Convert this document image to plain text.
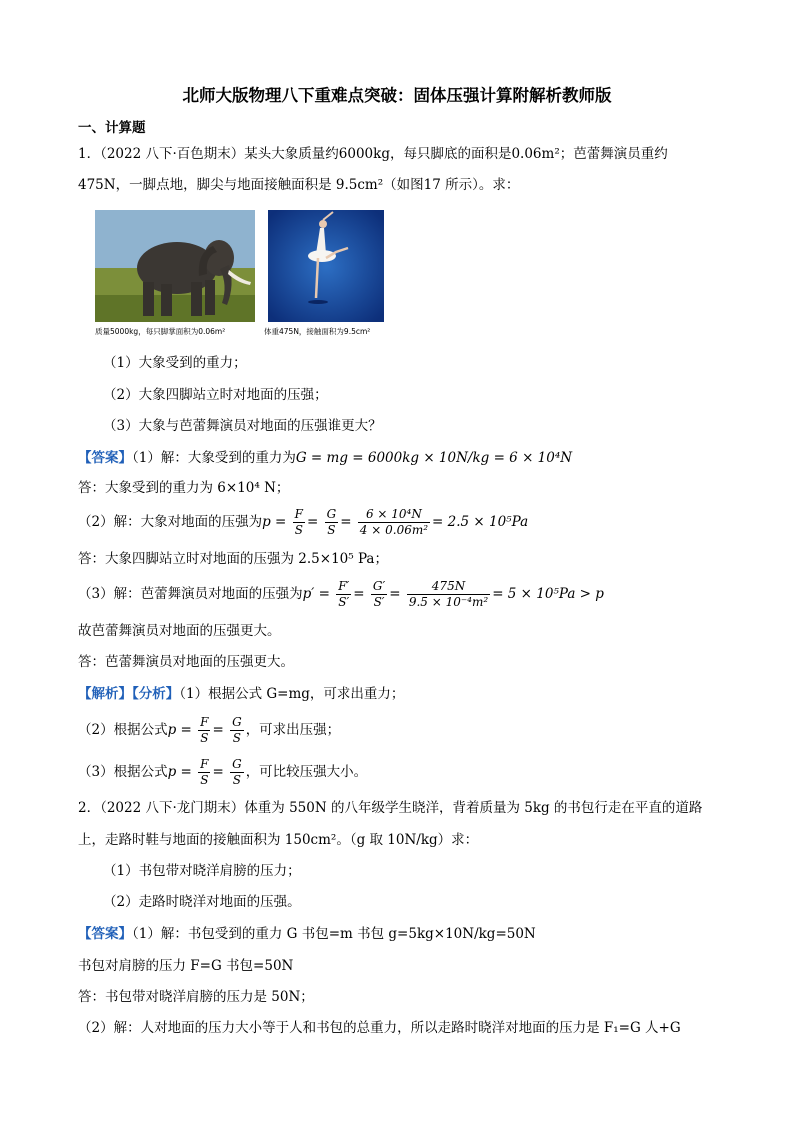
北师大版物理八下重难点突破：固体压强计算附解析教师版
一、计算题
1．（2022 八下·百色期末）某头大象质量约6000kg，每只脚底的面积是0.06m²；芭蕾舞演员重约
475N，一脚点地，脚尖与地面接触面积是 9.5cm²（如图17 所示）。求：
质量5000kg，每只脚掌面积为0.06m²	体重475N，接触面积为9.5cm²
（1）大象受到的重力；
（2）大象四脚站立时对地面的压强；
（3）大象与芭蕾舞演员对地面的压强谁更大？
【答案】（1）解：大象受到的重力为G = mg = 6000kg × 10N/kg = 6 × 10⁴N
答：大象受到的重力为 6×10⁴ N；
（2）解：大象对地面的压强为$p = \frac{F}{S} = \frac{G}{S} = \frac{\text{6 × 10⁴N}}{\text{4 × 0.06m²}} = 2.5 \times 10^5Pa$
答：大象四脚站立时对地面的压强为 2.5×10⁵ Pa；
（3）解：芭蕾舞演员对地面的压强为$p' = \frac{F'}{S'} = \frac{G'}{S'} = \frac{475N}{\text{9.5 × 10⁻⁴m²}} = 5 \times 10^5Pa > p$
故芭蕾舞演员对地面的压强更大。
答：芭蕾舞演员对地面的压强更大。
【解析】【分析】（1）根据公式 G=mg，可求出重力；
（2）根据公式$p = \frac{F}{S} = \frac{G}{S}$ ，可求出压强；
（3）根据公式$p = \frac{F}{S} = \frac{G}{S}$ ，可比较压强大小。
2．（2022 八下·龙门期末）体重为 550N 的八年级学生晓洋，背着质量为 5kg 的书包行走在平直的道路
上，走路时鞋与地面的接触面积为 150cm²。（g 取 10N/kg）求：
（1）书包带对晓洋肩膀的压力；
（2）走路时晓洋对地面的压强。
【答案】（1）解：书包受到的重力 G 书包=m 书包 g=5kg×10N/kg=50N
书包对肩膀的压力 F=G 书包=50N
答：书包带对晓洋肩膀的压力是 50N；
（2）解：人对地面的压力大小等于人和书包的总重力，所以走路时晓洋对地面的压力是 F₁=G 人+G
